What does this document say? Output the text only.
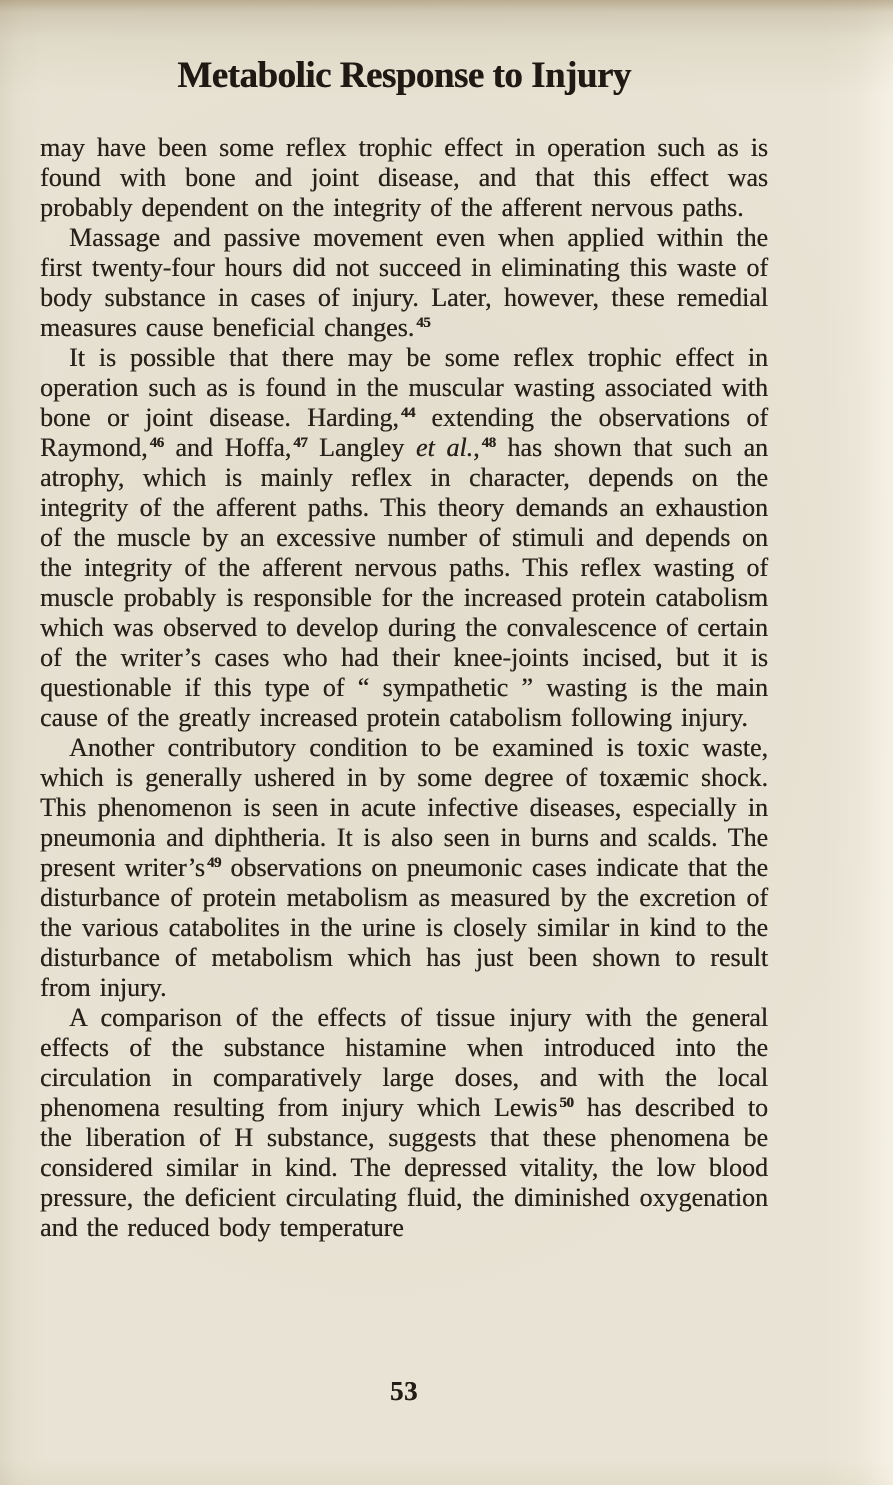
Metabolic Response to Injury

may have been some reflex trophic effect in operation such as is found with bone and joint disease, and that this effect was probably dependent on the integrity of the afferent nervous paths.

Massage and passive movement even when applied within the first twenty-four hours did not succeed in eliminating this waste of body substance in cases of injury. Later, however, these remedial measures cause beneficial changes. $^{45}$

It is possible that there may be some reflex trophic effect in operation such as is found in the muscular wasting associated with bone or joint disease. Harding, $^{44}$ extending the observations of Raymond, $^{46}$ and Hoffa, $^{47}$ Langley et al., $^{48}$ has shown that such an atrophy, which is mainly reflex in character, depends on the integrity of the afferent paths. This theory demands an exhaustion of the muscle by an excessive number of stimuli and depends on the integrity of the afferent nervous paths. This reflex wasting of muscle probably is responsible for the increased protein catabolism which was observed to develop during the convalescence of certain of the writer’s cases who had their knee-joints incised, but it is questionable if this type of “ sympathetic ” wasting is the main cause of the greatly increased protein catabolism following injury.

Another contributory condition to be examined is toxic waste, which is generally ushered in by some degree of toxæmic shock. This phenomenon is seen in acute infective diseases, especially in pneumonia and diphtheria. It is also seen in burns and scalds. The present writer’s $^{49}$ observations on pneumonic cases indicate that the disturbance of protein metabolism as measured by the excretion of the various catabolites in the urine is closely similar in kind to the disturbance of metabolism which has just been shown to result from injury.

A comparison of the effects of tissue injury with the general effects of the substance histamine when introduced into the circulation in comparatively large doses, and with the local phenomena resulting from injury which Lewis $^{50}$ has described to the liberation of H substance, suggests that these phenomena be considered similar in kind. The depressed vitality, the low blood pressure, the deficient circulating fluid, the diminished oxygenation and the reduced body temperature

53
